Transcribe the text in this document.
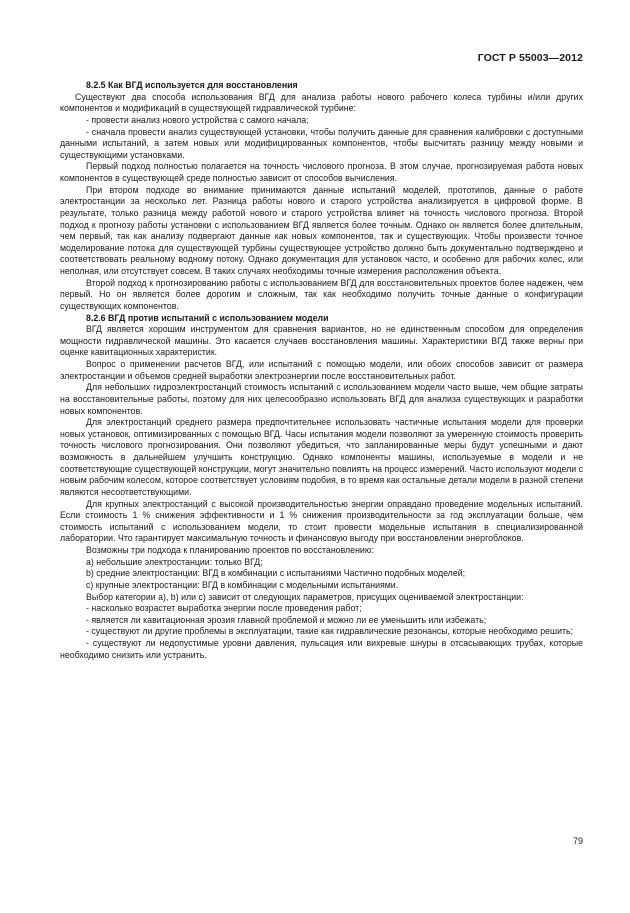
ГОСТ Р 55003—2012

8.2.5 Как ВГД используется для восстановления

Существуют два способа использования ВГД для анализа работы нового рабочего колеса турбины и/или других компонентов и модификаций в существующей гидравлической турбине:

- провести анализ нового устройства с самого начала;

- сначала провести анализ существующей установки, чтобы получить данные для сравнения калибровки с доступными данными испытаний, а затем новых или модифицированных компонентов, чтобы высчитать разницу между новыми и существующими установками.

Первый подход полностью полагается на точность числового прогноза. В этом случае, прогнозируемая работа новых компонентов в существующей среде полностью зависит от способов вычисления.

При втором подходе во внимание принимаются данные испытаний моделей, прототипов, данные о работе электростанции за несколько лет. Разница работы нового и старого устройства анализируется в цифровой форме. В результате, только разница между работой нового и старого устройства влияет на точность числового прогноза. Второй подход к прогнозу работы установки с использованием ВГД является более точным. Однако он является более длительным, чем первый, так как анализу подвергают данные как новых компонентов, так и существующих. Чтобы произвести точное моделирование потока для существующей турбины существующее устройство должно быть документально подтверждено и соответствовать реальному водному потоку. Однако документация для установок часто, и особенно для рабочих колес, или неполная, или отсутствует совсем. В таких случаях необходимы точные измерения расположения объекта.

Второй подход к прогнозированию работы с использованием ВГД для восстановительных проектов более надежен, чем первый. Но он является более дорогим и сложным, так как необходимо получить точные данные о конфигурации существующих компонентов.

8.2.6 ВГД против испытаний с использованием модели

ВГД является хорошим инструментом для сравнения вариантов, но не единственным способом для определения мощности гидравлической машины. Это касается случаев восстановления машины. Характеристики ВГД также верны при оценке кавитационных характеристик.

Вопрос о применении расчетов ВГД, или испытаний с помощью модели, или обоих способов зависит от размера электростанции и объемов средней выработки электроэнергии после восстановительных работ.

Для небольших гидроэлектростанций стоимость испытаний с использованием модели часто выше, чем общие затраты на восстановительные работы, поэтому для них целесообразно использовать ВГД для анализа существующих и разработки новых компонентов.

Для электростанций среднего размера предпочтительнее использовать частичные испытания модели для проверки новых установок, оптимизированных с помощью ВГД. Часы испытания модели позволяют за умеренную стоимость проверить точность числового прогнозирования. Они позволяют убедиться, что запланированные меры будут успешными и дают возможность в дальнейшем улучшить конструкцию. Однако компоненты машины, используемые в модели и не соответствующие существующей конструкции, могут значительно повлиять на процесс измерений. Часто используют модели с новым рабочим колесом, которое соответствует условиям подобия, в то время как остальные детали модели в разной степени являются несоответствующими.

Для крупных электростанций с высокой производительностью энергии оправдано проведение модельных испытаний. Если стоимость 1 % снижения эффективности и 1 % снижения производительности за год эксплуатации больше, чем стоимость испытаний с использованием модели, то стоит провести модельные испытания в специализированной лаборатории. Что гарантирует максимальную точность и финансовую выгоду при восстановлении энергоблоков.

Возможны три подхода к планированию проектов по восстановлению:

а) небольшие электростанции: только ВГД;

b) средние электростанции: ВГД в комбинации с испытаниями Частично подобных моделей;

с) крупные электростанции: ВГД в комбинации с модельными испытаниями.

Выбор категории а), b) или с) зависит от следующих параметров, присущих оцениваемой электростанции:

- насколько возрастет выработка энергии после проведения работ;

- является ли кавитационная эрозия главной проблемой и можно ли ее уменьшить или избежать;

- существуют ли другие проблемы в эксплуатации, такие как гидравлические резонансы, которые необходимо решить;

- существуют ли недопустимые уровни давления, пульсация или вихревые шнуры в отсасывающих трубах, которые необходимо снизить или устранить.

79
